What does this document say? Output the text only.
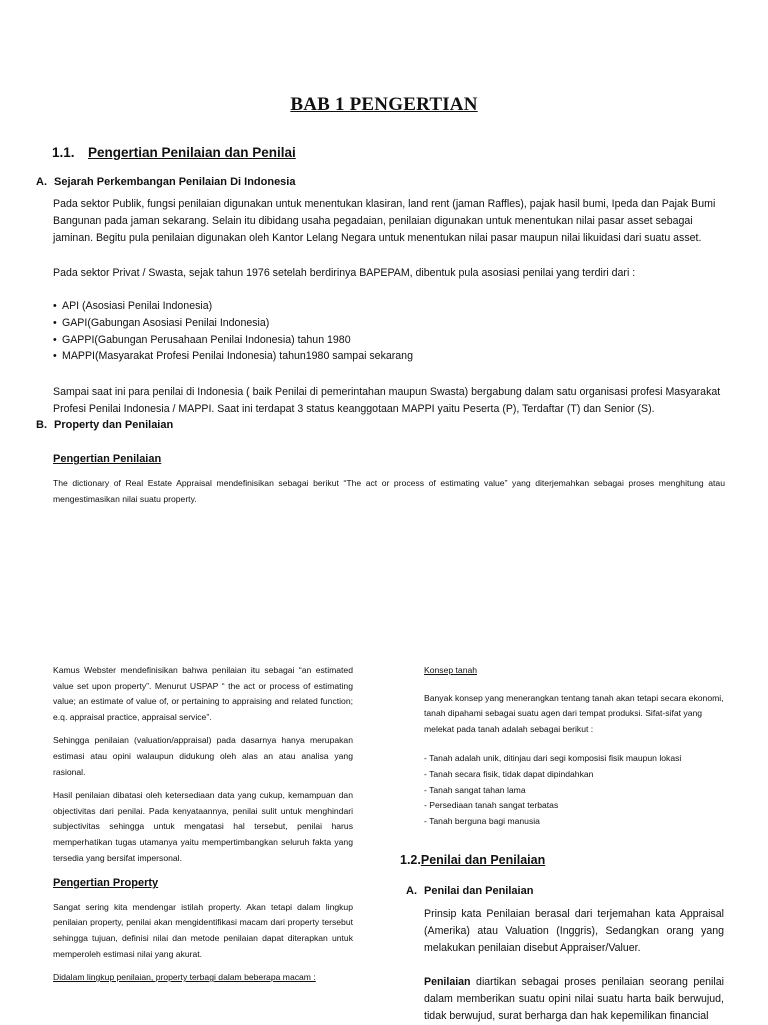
BAB 1 PENGERTIAN
1.1. Pengertian Penilaian dan Penilai
A. Sejarah Perkembangan Penilaian Di Indonesia
Pada sektor Publik, fungsi penilaian digunakan untuk menentukan klasiran, land rent (jaman Raffles), pajak hasil bumi, Ipeda dan Pajak Bumi Bangunan pada jaman sekarang. Selain itu dibidang usaha pegadaian, penilaian digunakan untuk menentukan nilai pasar asset sebagai jaminan. Begitu pula penilaian digunakan oleh Kantor Lelang Negara untuk menentukan nilai pasar maupun nilai likuidasi dari suatu asset.
Pada sektor Privat / Swasta, sejak tahun 1976 setelah berdirinya BAPEPAM, dibentuk pula asosiasi penilai yang terdiri dari :
• API (Asosiasi Penilai Indonesia)
• GAPI(Gabungan Asosiasi Penilai Indonesia)
• GAPPI(Gabungan Perusahaan Penilai Indonesia) tahun 1980
• MAPPI(Masyarakat Profesi Penilai Indonesia) tahun1980 sampai sekarang
Sampai saat ini para penilai di Indonesia ( baik Penilai di pemerintahan maupun Swasta) bergabung dalam satu organisasi profesi Masyarakat Profesi Penilai Indonesia / MAPPI. Saat ini terdapat 3 status keanggotaan MAPPI yaitu Peserta (P), Terdaftar (T) dan Senior (S).
B. Property dan Penilaian
Pengertian Penilaian
The dictionary of Real Estate Appraisal mendefinisikan sebagai berikut “The act or process of estimating value” yang diterjemahkan sebagai proses menghitung atau mengestimasikan nilai suatu property.

Kamus Webster mendefinisikan bahwa penilaian itu sebagai “an estimated value set upon property”. Menurut USPAP “ the act or process of estimating value; an estimate of value of, or pertaining to appraising and related function; e.q. appraisal practice, appraisal service”.

Sehingga penilaian (valuation/appraisal) pada dasarnya hanya merupakan estimasi atau opini walaupun didukung oleh alas an atau analisa yang rasional.

Hasil penilaian dibatasi oleh ketersediaan data yang cukup, kemampuan dan objectivitas dari penilai. Pada kenyataannya, penilai sulit untuk menghindari subjectivitas sehingga untuk mengatasi hal tersebut, penilai harus memperhatikan tugas utamanya yaitu mempertimbangkan seluruh fakta yang tersedia yang bersifat impersonal.

Pengertian Property

Sangat sering kita mendengar istilah property. Akan tetapi dalam lingkup penilaian property, penilai akan mengidentifikasi macam dari property tersebut sehingga tujuan, definisi nilai dan metode penilaian dapat diterapkan untuk memperoleh estimasi nilai yang akurat.

Didalam lingkup penilaian, property terbagi dalam beberapa macam :

Konsep tanah

Banyak konsep yang menerangkan tentang tanah akan tetapi secara ekonomi, tanah dipahami sebagai suatu agen dari tempat produksi. Sifat-sifat yang melekat pada tanah adalah sebagai berikut :

- Tanah adalah unik, ditinjau dari segi komposisi fisik maupun lokasi
- Tanah secara fisik, tidak dapat dipindahkan
- Tanah sangat tahan lama
- Persediaan tanah sangat terbatas
- Tanah berguna bagi manusia
1.2.Penilai dan Penilaian
A. Penilai dan Penilaian
Prinsip kata Penilaian berasal dari terjemahan kata Appraisal (Amerika) atau Valuation (Inggris), Sedangkan orang yang melakukan penilaian disebut Appraiser/Valuer.
Penilaian diartikan sebagai proses penilaian seorang penilai dalam memberikan suatu opini nilai suatu harta baik berwujud, tidak berwujud, surat berharga dan hak kepemilikan financial
